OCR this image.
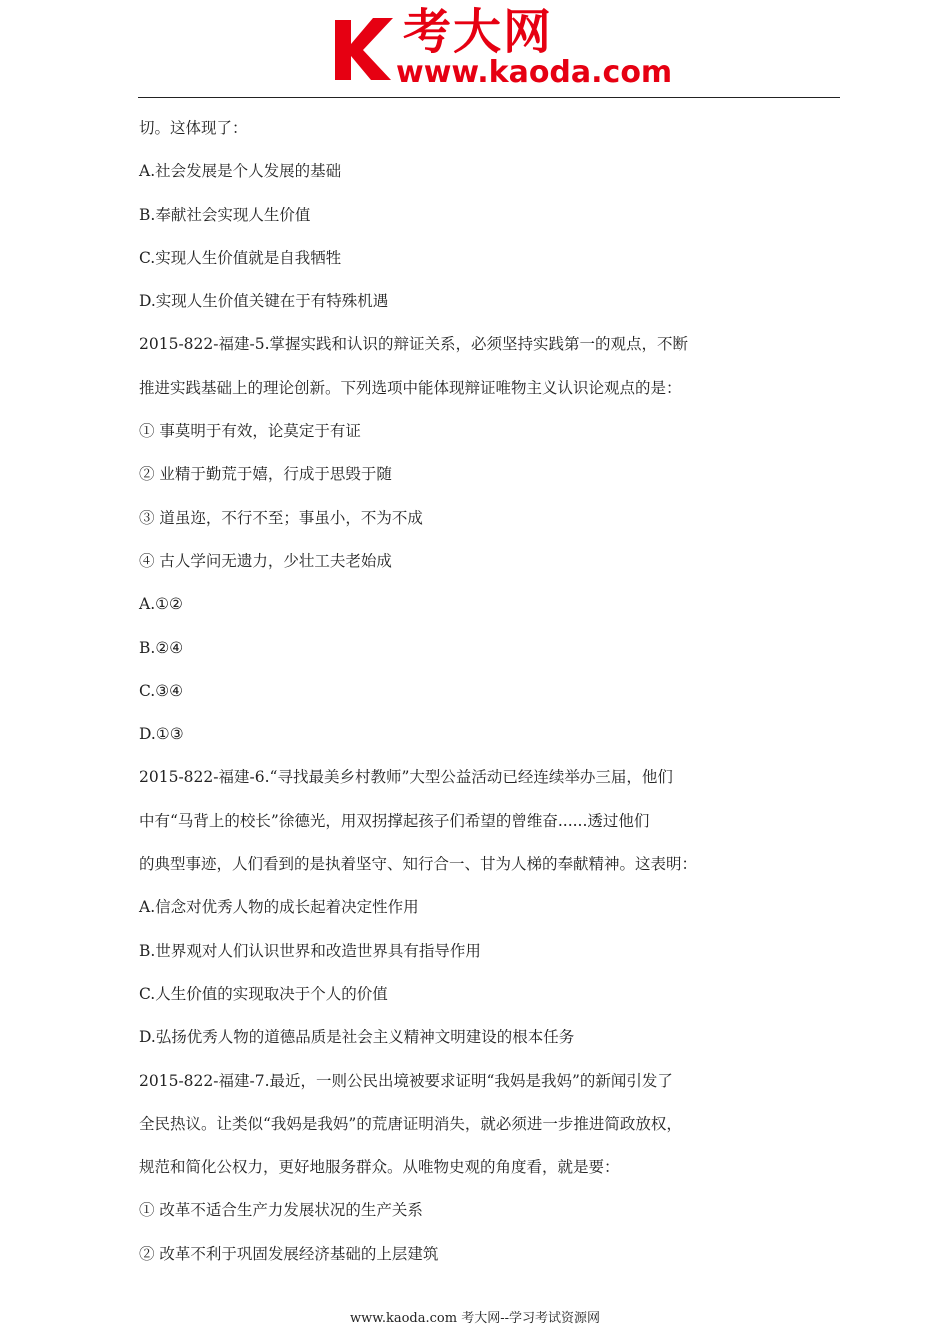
考大网
www.kaoda.com
切。这体现了：
A.社会发展是个人发展的基础
B.奉献社会实现人生价值
C.实现人生价值就是自我牺牲
D.实现人生价值关键在于有特殊机遇
2015-822-福建-5.掌握实践和认识的辩证关系，必须坚持实践第一的观点，不断
推进实践基础上的理论创新。下列选项中能体现辩证唯物主义认识论观点的是：
① 事莫明于有效，论莫定于有证
② 业精于勤荒于嬉，行成于思毁于随
③ 道虽迩，不行不至；事虽小，不为不成
④ 古人学问无遗力，少壮工夫老始成
A.①②
B.②④
C.③④
D.①③
2015-822-福建-6.“寻找最美乡村教师”大型公益活动已经连续举办三届，他们
中有“马背上的校长”徐德光，用双拐撑起孩子们希望的曾维奋......透过他们
的典型事迹，人们看到的是执着坚守、知行合一、甘为人梯的奉献精神。这表明：
A.信念对优秀人物的成长起着决定性作用
B.世界观对人们认识世界和改造世界具有指导作用
C.人生价值的实现取决于个人的价值
D.弘扬优秀人物的道德品质是社会主义精神文明建设的根本任务
2015-822-福建-7.最近，一则公民出境被要求证明“我妈是我妈”的新闻引发了
全民热议。让类似“我妈是我妈”的荒唐证明消失，就必须进一步推进简政放权，
规范和简化公权力，更好地服务群众。从唯物史观的角度看，就是要：
① 改革不适合生产力发展状况的生产关系
② 改革不利于巩固发展经济基础的上层建筑
www.kaoda.com 考大网--学习考试资源网
